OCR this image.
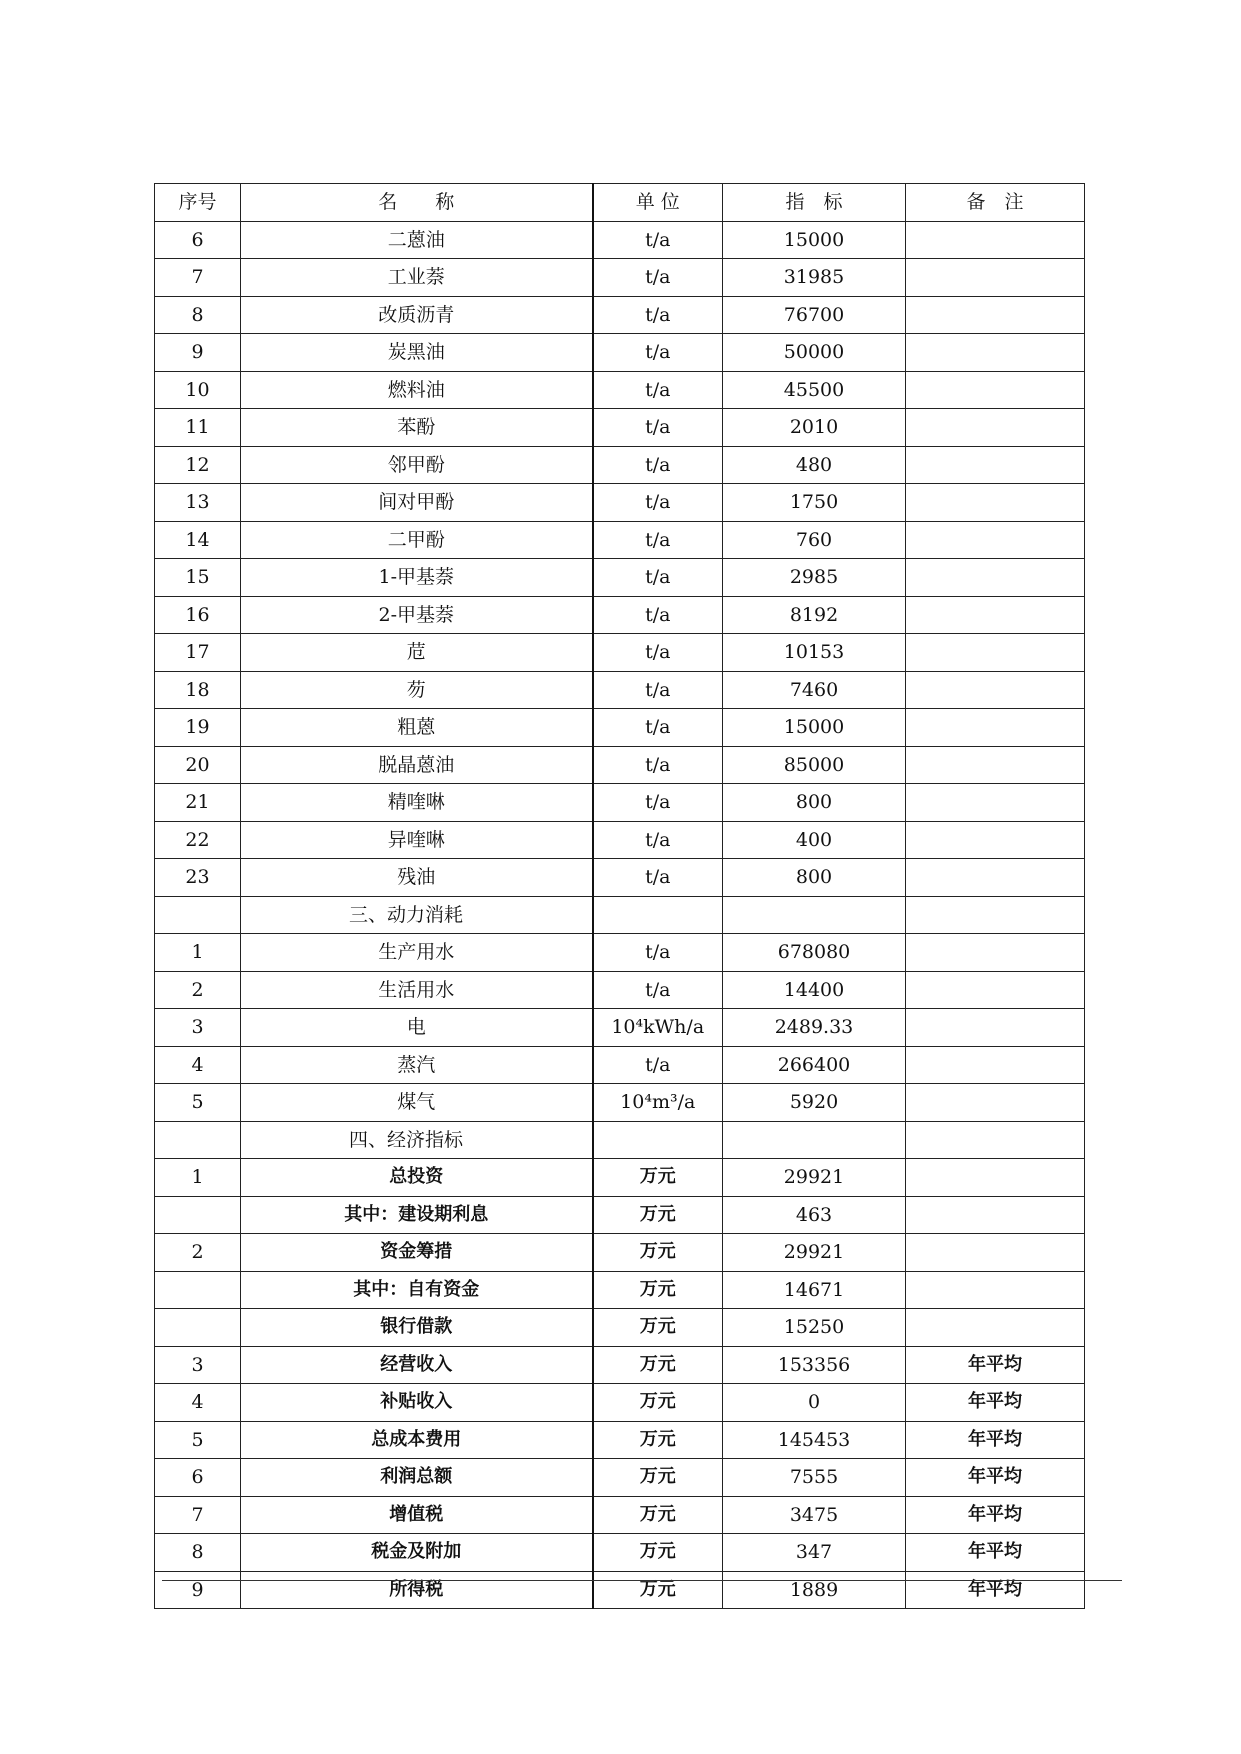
序号	名　　称	单 位	指　标	备　注
6	二蒽油	t/a	15000	
7	工业萘	t/a	31985	
8	改质沥青	t/a	76700	
9	炭黑油	t/a	50000	
10	燃料油	t/a	45500	
11	苯酚	t/a	2010	
12	邻甲酚	t/a	480	
13	间对甲酚	t/a	1750	
14	二甲酚	t/a	760	
15	1-甲基萘	t/a	2985	
16	2-甲基萘	t/a	8192	
17	苊	t/a	10153	
18	芴	t/a	7460	
19	粗蒽	t/a	15000	
20	脱晶蒽油	t/a	85000	
21	精喹啉	t/a	800	
22	异喹啉	t/a	400	
23	残油	t/a	800	
	三、动力消耗			
1	生产用水	t/a	678080	
2	生活用水	t/a	14400	
3	电	10⁴kWh/a	2489.33	
4	蒸汽	t/a	266400	
5	煤气	10⁴m³/a	5920	
	四、经济指标			
1	总投资	万元	29921	
	其中：建设期利息	万元	463	
2	资金筹措	万元	29921	
	其中：自有资金	万元	14671	
	银行借款	万元	15250	
3	经营收入	万元	153356	年平均
4	补贴收入	万元	0	年平均
5	总成本费用	万元	145453	年平均
6	利润总额	万元	7555	年平均
7	增值税	万元	3475	年平均
8	税金及附加	万元	347	年平均
9	所得税	万元	1889	年平均
